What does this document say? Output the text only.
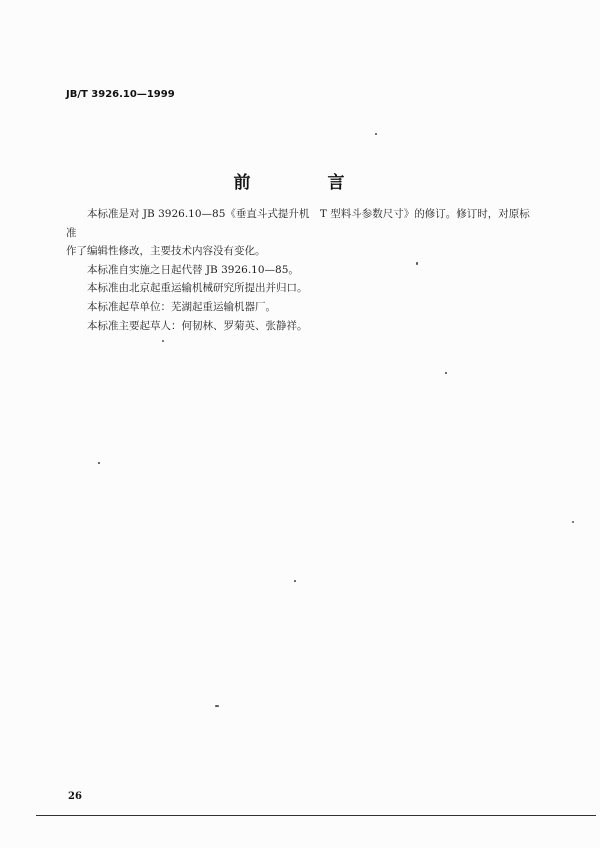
JB/T 3926.10—1999
前　言

本标准是对 JB 3926.10—85《垂直斗式提升机　T 型料斗参数尺寸》的修订。修订时，对原标准

作了编辑性修改，主要技术内容没有变化。

本标准自实施之日起代替 JB 3926.10—85。

本标准由北京起重运输机械研究所提出并归口。

本标准起草单位：芜湖起重运输机器厂。

本标准主要起草人：何韧林、罗菊英、张静祥。

26
